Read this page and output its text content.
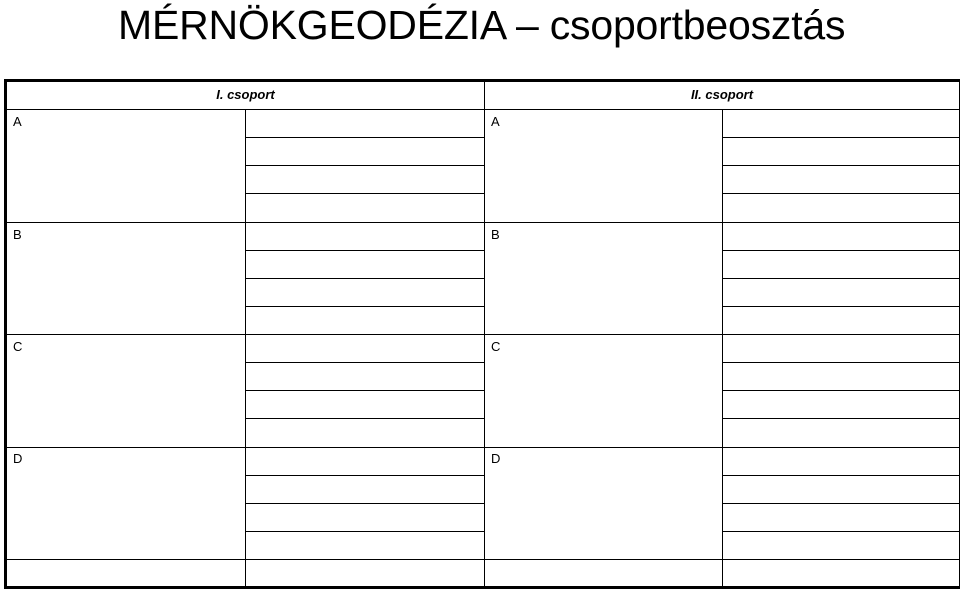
MÉRNÖKGEODÉZIA – csoportbeosztás
I. csoport	II. csoport
A
B
C
D
A
B
C
D
